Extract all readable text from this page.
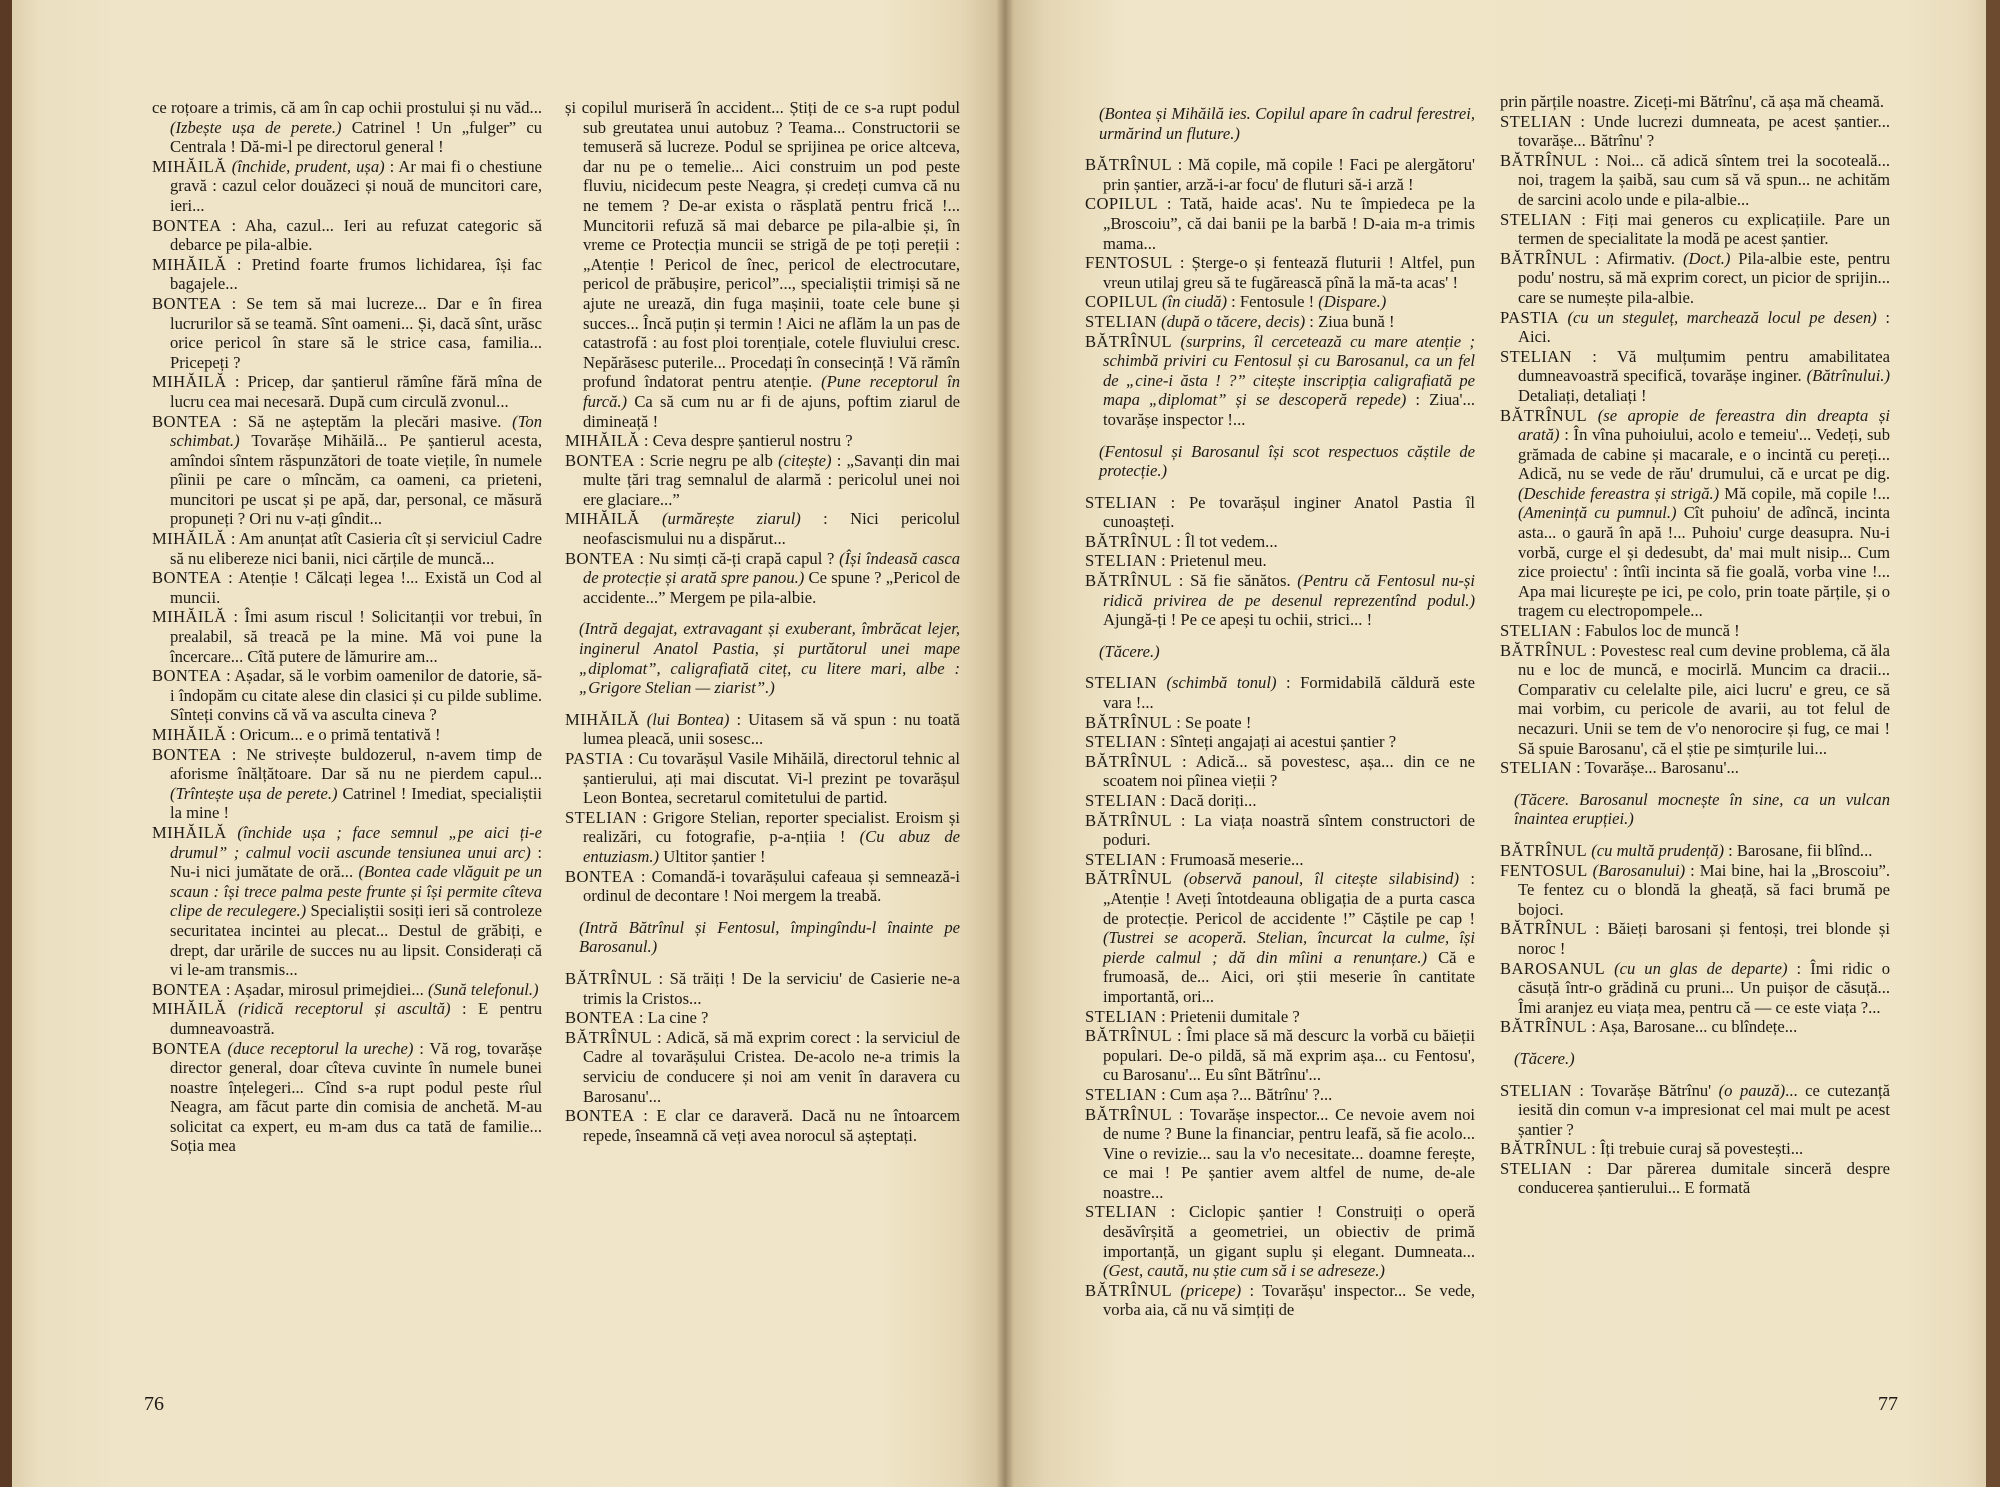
ce roțoare a trimis, că am în cap ochii prostului și nu văd... (Izbește ușa de perete.) Catrinel ! Un „fulger” cu Centrala ! Dă-mi-l pe directorul general !

MIHĂILĂ (închide, prudent, ușa) : Ar mai fi o chestiune gravă : cazul celor douăzeci și nouă de muncitori care, ieri...

BONTEA : Aha, cazul... Ieri au refuzat categoric să debarce pe pila-albie.

MIHĂILĂ : Pretind foarte frumos lichidarea, își fac bagajele...

BONTEA : Se tem să mai lucreze... Dar e în firea lucrurilor să se teamă. Sînt oameni... Și, dacă sînt, urăsc orice pericol în stare să le strice casa, familia... Pricepeți ?

MIHĂILĂ : Pricep, dar șantierul rămîne fără mîna de lucru cea mai necesară. După cum circulă zvonul...

BONTEA : Să ne așteptăm la plecări masive. (Ton schimbat.) Tovarășe Mihăilă... Pe șantierul acesta, amîndoi sîntem răspunzători de toate viețile, în numele pîinii pe care o mîncăm, ca oameni, ca prieteni, muncitori pe uscat și pe apă, dar, personal, ce măsură propuneți ? Ori nu v-ați gîndit...

MIHĂILĂ : Am anunțat atît Casieria cît și serviciul Cadre să nu elibereze nici banii, nici cărțile de muncă...

BONTEA : Atenție ! Călcați legea !... Există un Cod al muncii.

MIHĂILĂ : Îmi asum riscul ! Solicitanții vor trebui, în prealabil, să treacă pe la mine. Mă voi pune la încercare... Cîtă putere de lămurire am...

BONTEA : Așadar, să le vorbim oamenilor de datorie, să-i îndopăm cu citate alese din clasici și cu pilde sublime. Sînteți convins că vă va asculta cineva ?

MIHĂILĂ : Oricum... e o primă tentativă !

BONTEA : Ne strivește buldozerul, n-avem timp de aforisme înălțătoare. Dar să nu ne pierdem capul... (Trîntește ușa de perete.) Catrinel ! Imediat, specialiștii la mine !

MIHĂILĂ (închide ușa ; face semnul „pe aici ți-e drumul” ; calmul vocii ascunde tensiunea unui arc) : Nu-i nici jumătate de oră... (Bontea cade vlăguit pe un scaun : își trece palma peste frunte și își permite cîteva clipe de reculegere.) Specialiștii sosiți ieri să controleze securitatea incintei au plecat... Destul de grăbiți, e drept, dar urările de succes nu au lipsit. Considerați că vi le-am transmis...

BONTEA : Așadar, mirosul primejdiei... (Sună telefonul.)

MIHĂILĂ (ridică receptorul și ascultă) : E pentru dumneavoastră.

BONTEA (duce receptorul la ureche) : Vă rog, tovarășe director general, doar cîteva cuvinte în numele bunei noastre înțelegeri... Cînd s-a rupt podul peste rîul Neagra, am făcut parte din comisia de anchetă. M-au solicitat ca expert, eu m-am dus ca tată de familie... Soția mea

și copilul muriseră în accident... Știți de ce s-a rupt podul sub greutatea unui autobuz ? Teama... Constructorii se temuseră să lucreze. Podul se sprijinea pe orice altceva, dar nu pe o temelie... Aici construim un pod peste fluviu, nicidecum peste Neagra, și credeți cumva că nu ne temem ? De-ar exista o răsplată pentru frică !... Muncitorii refuză să mai debarce pe pila-albie și, în vreme ce Protecția muncii se strigă de pe toți pereții : „Atenție ! Pericol de înec, pericol de electrocutare, pericol de prăbușire, pericol”..., specialiștii trimiși să ne ajute ne urează, din fuga mașinii, toate cele bune și succes... Încă puțin și termin ! Aici ne aflăm la un pas de catastrofă : au fost ploi torențiale, cotele fluviului cresc. Nepărăsesc puterile... Procedați în consecință ! Vă rămîn profund îndatorat pentru atenție. (Pune receptorul în furcă.) Ca să cum nu ar fi de ajuns, poftim ziarul de dimineață !

MIHĂILĂ : Ceva despre șantierul nostru ?

BONTEA : Scrie negru pe alb (citește) : „Savanți din mai multe țări trag semnalul de alarmă : pericolul unei noi ere glaciare...”

MIHĂILĂ (urmărește ziarul) : Nici pericolul neofascismului nu a dispărut...

BONTEA : Nu simți că-ți crapă capul ? (Își îndeasă casca de protecție și arată spre panou.) Ce spune ? „Pericol de accidente...” Mergem pe pila-albie.

(Intră degajat, extravagant și exuberant, îmbrăcat lejer, inginerul Anatol Pastia, și purtătorul unei mape „diplomat”, caligrafiată citeț, cu litere mari, albe : „Grigore Stelian — ziarist”.)

MIHĂILĂ (lui Bontea) : Uitasem să vă spun : nu toată lumea pleacă, unii sosesc...

PASTIA : Cu tovarășul Vasile Mihăilă, directorul tehnic al șantierului, ați mai discutat. Vi-l prezint pe tovarășul Leon Bontea, secretarul comitetului de partid.

STELIAN : Grigore Stelian, reporter specialist. Eroism și realizări, cu fotografie, p-a-nțiia ! (Cu abuz de entuziasm.) Ultitor șantier !

BONTEA : Comandă-i tovarășului cafeaua și semnează-i ordinul de decontare ! Noi mergem la treabă.

(Intră Bătrînul și Fentosul, împingîndu-l înainte pe Barosanul.)

BĂTRÎNUL : Să trăiți ! De la serviciu' de Casierie ne-a trimis la Cristos...

BONTEA : La cine ?

BĂTRÎNUL : Adică, să mă exprim corect : la serviciul de Cadre al tovarășului Cristea. De-acolo ne-a trimis la serviciu de conducere și noi am venit în daravera cu Barosanu'...

BONTEA : E clar ce daraveră. Dacă nu ne întoarcem repede, înseamnă că veți avea norocul să așteptați.

76

(Bontea și Mihăilă ies. Copilul apare în cadrul ferestrei, urmărind un fluture.)

BĂTRÎNUL : Mă copile, mă copile ! Faci pe alergătoru' prin șantier, arză-i-ar focu' de fluturi să-i arză !

COPILUL : Tată, haide acas'. Nu te împiedeca pe la „Broscoiu”, că dai banii pe la barbă ! D-aia m-a trimis mama...

FENTOSUL : Șterge-o și fentează fluturii ! Altfel, pun vreun utilaj greu să te fugărească pînă la mă-ta acas' !

COPILUL (în ciudă) : Fentosule ! (Dispare.)

STELIAN (după o tăcere, decis) : Ziua bună !

BĂTRÎNUL (surprins, îl cercetează cu mare atenție ; schimbă priviri cu Fentosul și cu Barosanul, ca un fel de „cine-i ăsta ! ?” citește inscripția caligrafiată pe mapa „diplomat” și se descoperă repede) : Ziua'... tovarășe inspector !...

(Fentosul și Barosanul își scot respectuos căștile de protecție.)

STELIAN : Pe tovarășul inginer Anatol Pastia îl cunoașteți.

BĂTRÎNUL : Îl tot vedem...

STELIAN : Prietenul meu.

BĂTRÎNUL : Să fie sănătos. (Pentru că Fentosul nu-și ridică privirea de pe desenul reprezentînd podul.) Ajungă-ți ! Pe ce apeși tu ochii, strici... !

(Tăcere.)

STELIAN (schimbă tonul) : Formidabilă căldură este vara !...

BĂTRÎNUL : Se poate !

STELIAN : Sînteți angajați ai acestui șantier ?

BĂTRÎNUL : Adică... să povestesc, așa... din ce ne scoatem noi pîinea vieții ?

STELIAN : Dacă doriți...

BĂTRÎNUL : La viața noastră sîntem constructori de poduri.

STELIAN : Frumoasă meserie...

BĂTRÎNUL (observă panoul, îl citește silabisind) : „Atenție ! Aveți întotdeauna obligația de a purta casca de protecție. Pericol de accidente !” Căștile pe cap ! (Tustrei se acoperă. Stelian, încurcat la culme, își pierde calmul ; dă din mîini a renunțare.) Că e frumoasă, de... Aici, ori știi meserie în cantitate importantă, ori...

STELIAN : Prietenii dumitale ?

BĂTRÎNUL : Îmi place să mă descurc la vorbă cu băieții populari. De-o pildă, să mă exprim așa... cu Fentosu', cu Barosanu'... Eu sînt Bătrînu'...

STELIAN : Cum așa ?... Bătrînu' ?...

BĂTRÎNUL : Tovarășe inspector... Ce nevoie avem noi de nume ? Bune la financiar, pentru leafă, să fie acolo... Vine o revizie... sau la v'o necesitate... doamne ferește, ce mai ! Pe șantier avem altfel de nume, de-ale noastre...

STELIAN : Ciclopic șantier ! Construiți o operă desăvîrșită a geometriei, un obiectiv de primă importanță, un gigant suplu și elegant. Dumneata... (Gest, caută, nu știe cum să i se adreseze.)

BĂTRÎNUL (pricepe) : Tovarășu' inspector... Se vede, vorba aia, că nu vă simțiți de

prin părțile noastre. Ziceți-mi Bătrînu', că așa mă cheamă.

STELIAN : Unde lucrezi dumneata, pe acest șantier... tovarășe... Bătrînu' ?

BĂTRÎNUL : Noi... că adică sîntem trei la socoteală... noi, tragem la șaibă, sau cum să vă spun... ne achităm de sarcini acolo unde e pila-albie...

STELIAN : Fiți mai generos cu explicațiile. Pare un termen de specialitate la modă pe acest șantier.

BĂTRÎNUL : Afirmativ. (Doct.) Pila-albie este, pentru podu' nostru, să mă exprim corect, un picior de sprijin... care se numește pila-albie.

PASTIA (cu un steguleț, marchează locul pe desen) : Aici.

STELIAN : Vă mulțumim pentru amabilitatea dumneavoastră specifică, tovarășe inginer. (Bătrînului.) Detaliați, detaliați !

BĂTRÎNUL (se apropie de fereastra din dreapta și arată) : În vîna puhoiului, acolo e temeiu'... Vedeți, sub grămada de cabine și macarale, e o incintă cu pereți... Adică, nu se vede de rău' drumului, că e urcat pe dig. (Deschide fereastra și strigă.) Mă copile, mă copile !... (Amenință cu pumnul.) Cît puhoiu' de adîncă, incinta asta... o gaură în apă !... Puhoiu' curge deasupra. Nu-i vorbă, curge el și dedesubt, da' mai mult nisip... Cum zice proiectu' : întîi incinta să fie goală, vorba vine !... Apa mai licurește pe ici, pe colo, prin toate părțile, și o tragem cu electropompele...

STELIAN : Fabulos loc de muncă !

BĂTRÎNUL : Povestesc real cum devine problema, că ăla nu e loc de muncă, e mocirlă. Muncim ca dracii... Comparativ cu celelalte pile, aici lucru' e greu, ce să mai vorbim, cu pericole de avarii, au tot felul de necazuri. Unii se tem de v'o nenorocire și fug, ce mai ! Să spuie Barosanu', că el știe pe simțurile lui...

STELIAN : Tovarășe... Barosanu'...

(Tăcere. Barosanul mocnește în sine, ca un vulcan înaintea erupției.)

BĂTRÎNUL (cu multă prudență) : Barosane, fii blînd...

FENTOSUL (Barosanului) : Mai bine, hai la „Broscoiu”. Te fentez cu o blondă la gheață, să faci brumă pe bojoci.

BĂTRÎNUL : Băieți barosani și fentoși, trei blonde și noroc !

BAROSANUL (cu un glas de departe) : Îmi ridic o căsuță într-o grădină cu pruni... Un puișor de căsuță... Îmi aranjez eu viața mea, pentru că — ce este viața ?...

BĂTRÎNUL : Așa, Barosane... cu blîndețe...

(Tăcere.)

STELIAN : Tovarășe Bătrînu' (o pauză)... ce cutezanță iesită din comun v-a impresionat cel mai mult pe acest șantier ?

BĂTRÎNUL : Îți trebuie curaj să povestești...

STELIAN : Dar părerea dumitale sinceră despre conducerea șantierului... E formată

77
